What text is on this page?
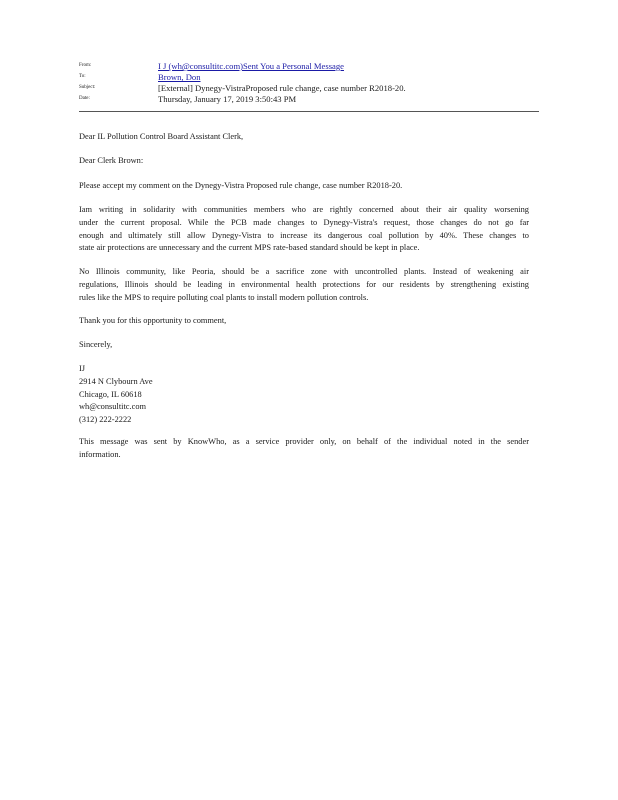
From:	I J (wh@consultitc.com)Sent You a Personal Message
To:	Brown, Don
Subject:	[External] Dynegy-VistraProposed rule change, case number R2018-20.
Date:	Thursday, January 17, 2019 3:50:43 PM
Dear IL Pollution Control Board Assistant Clerk,
Dear Clerk Brown:
Please accept my comment on the Dynegy-Vistra Proposed rule change, case number R2018-20.
Iam writing in solidarity with communities members who are rightly concerned about their air quality worsening
under the current proposal. While the PCB made changes to Dynegy-Vistra's request, those changes do not go far
enough and ultimately still allow Dynegy-Vistra to increase its dangerous coal pollution by 40%. These changes to
state air protections are unnecessary and the current MPS rate-based standard should be kept in place.
No Illinois community, like Peoria, should be a sacrifice zone with uncontrolled plants. Instead of weakening air
regulations, Illinois should be leading in environmental health protections for our residents by strengthening existing
rules like the MPS to require polluting coal plants to install modern pollution controls.
Thank you for this opportunity to comment,
Sincerely,
IJ
2914 N Clybourn Ave
Chicago, IL 60618
wh@consultitc.com
(312) 222-2222
This message was sent by KnowWho, as a service provider only, on behalf of the individual noted in the sender
information.
